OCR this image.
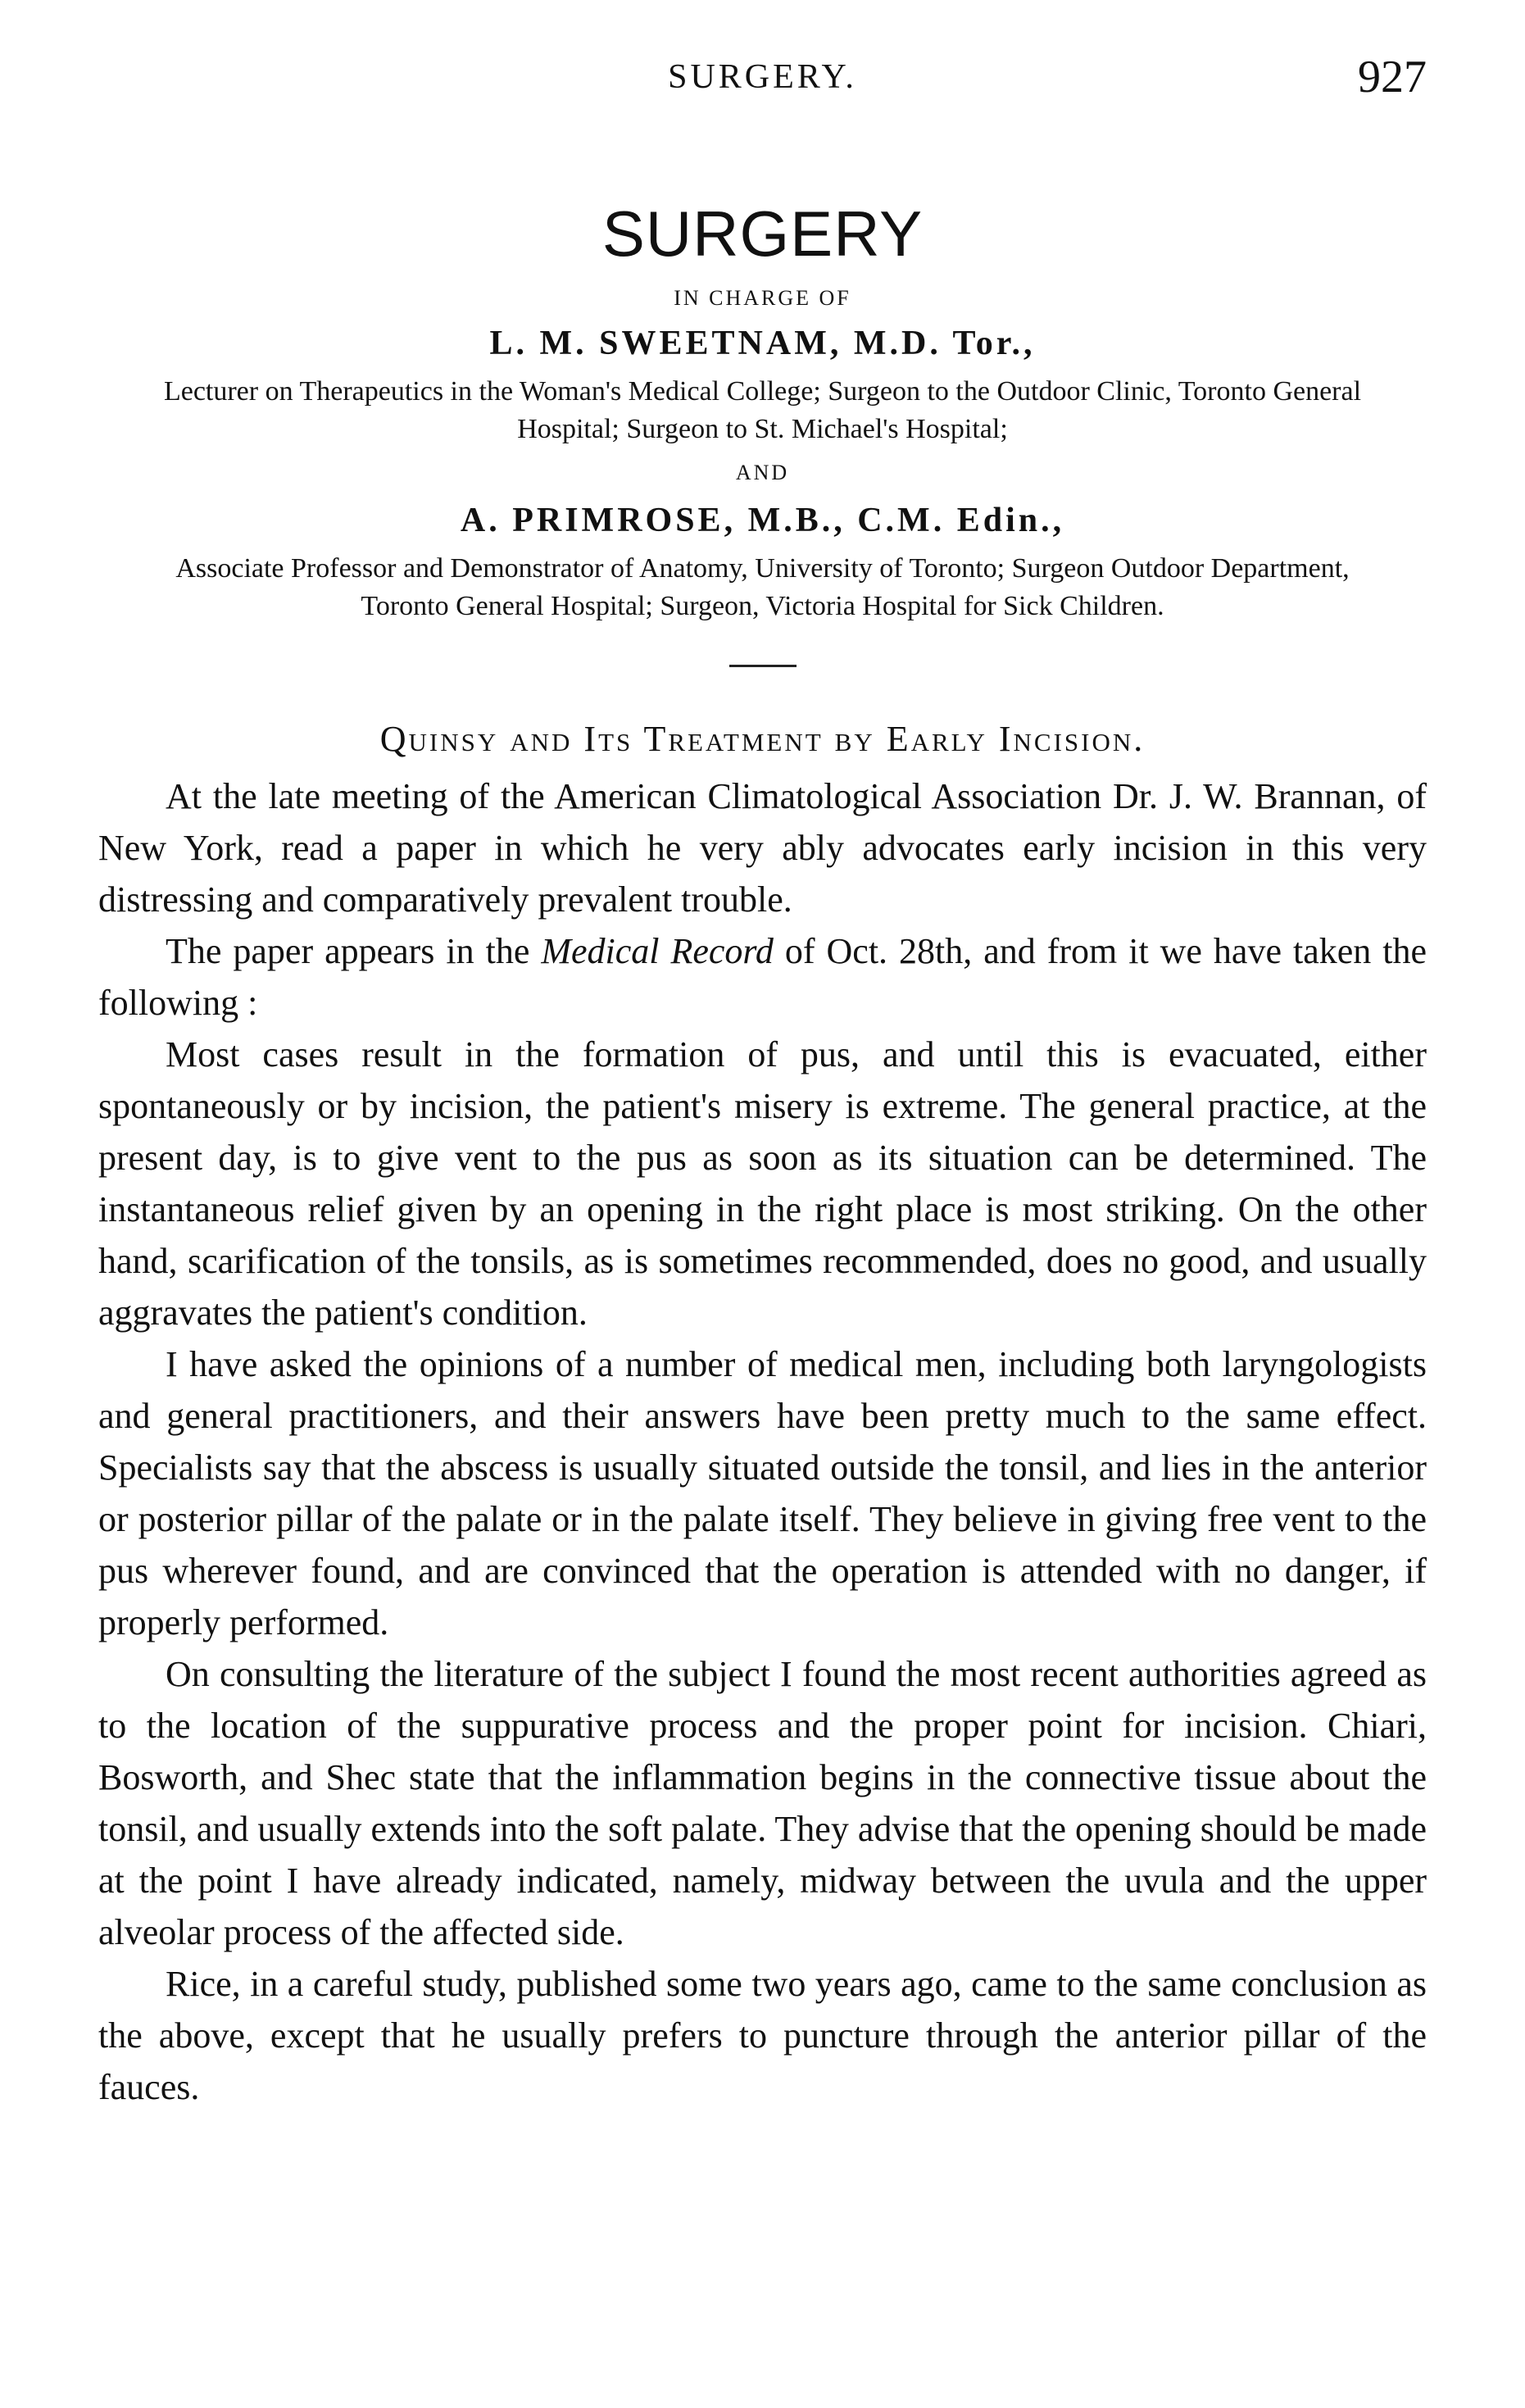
SURGERY.	927
SURGERY
IN CHARGE OF
L. M. SWEETNAM, M.D. Tor.,
Lecturer on Therapeutics in the Woman's Medical College; Surgeon to the Outdoor Clinic, Toronto General Hospital; Surgeon to St. Michael's Hospital;
AND
A. PRIMROSE, M.B., C.M. Edin.,
Associate Professor and Demonstrator of Anatomy, University of Toronto; Surgeon Outdoor Department, Toronto General Hospital; Surgeon, Victoria Hospital for Sick Children.
Quinsy and Its Treatment by Early Incision.

At the late meeting of the American Climatological Association Dr. J. W. Brannan, of New York, read a paper in which he very ably advocates early incision in this very distressing and comparatively prevalent trouble.

The paper appears in the Medical Record of Oct. 28th, and from it we have taken the following :

Most cases result in the formation of pus, and until this is evacuated, either spontaneously or by incision, the patient's misery is extreme. The general practice, at the present day, is to give vent to the pus as soon as its situation can be determined. The instantaneous relief given by an opening in the right place is most striking. On the other hand, scarification of the tonsils, as is sometimes recommended, does no good, and usually aggravates the patient's condition.

I have asked the opinions of a number of medical men, including both laryngologists and general practitioners, and their answers have been pretty much to the same effect. Specialists say that the abscess is usually situated outside the tonsil, and lies in the anterior or posterior pillar of the palate or in the palate itself. They believe in giving free vent to the pus wherever found, and are convinced that the operation is attended with no danger, if properly performed.

On consulting the literature of the subject I found the most recent authorities agreed as to the location of the suppurative process and the proper point for incision. Chiari, Bosworth, and Shec state that the inflammation begins in the connective tissue about the tonsil, and usually extends into the soft palate. They advise that the opening should be made at the point I have already indicated, namely, midway between the uvula and the upper alveolar process of the affected side.

Rice, in a careful study, published some two years ago, came to the same conclusion as the above, except that he usually prefers to puncture through the anterior pillar of the fauces.
